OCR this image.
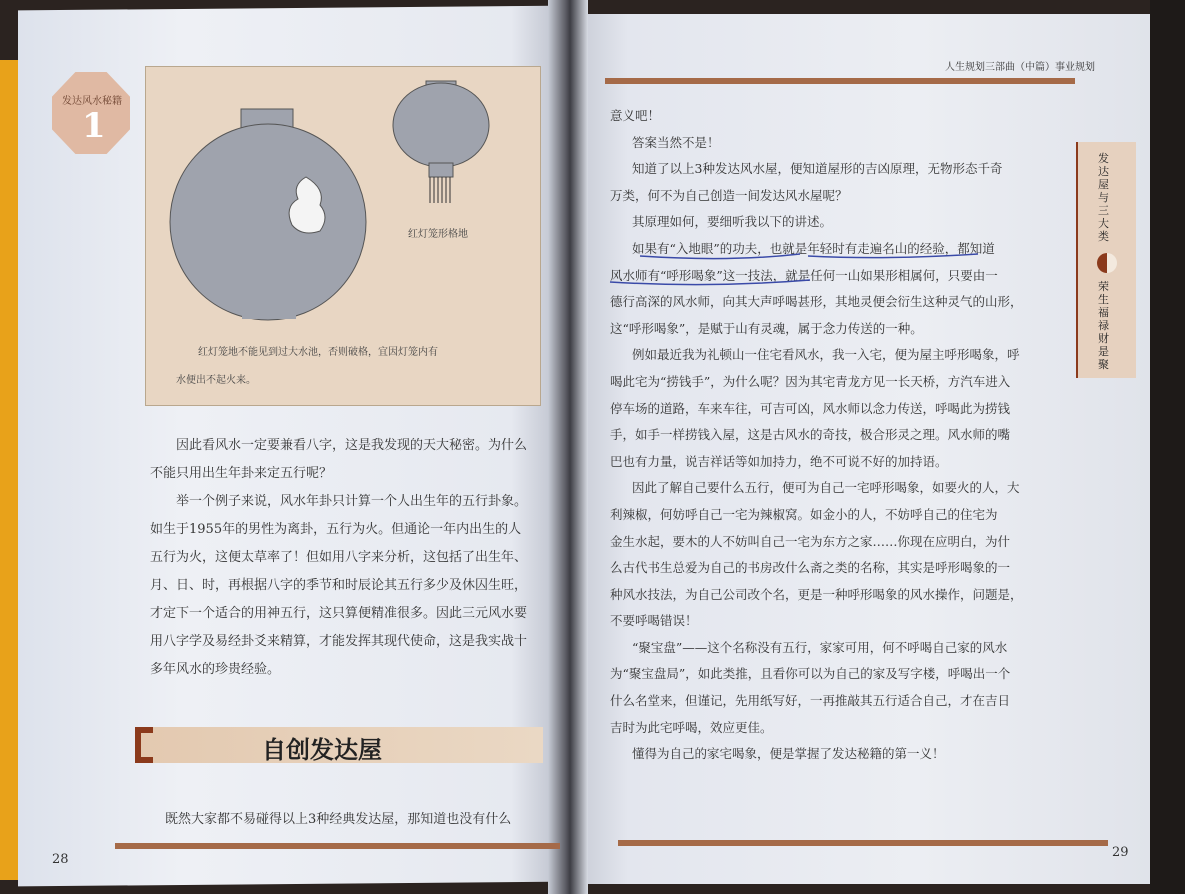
发达风水秘籍
1
红灯笼形格地
红灯笼地不能见到过大水池，否则破格，宜因灯笼内有
水便出不起火来。

因此看风水一定要兼看八字，这是我发现的天大秘密。为什么

不能只用出生年卦来定五行呢？

举一个例子来说，风水年卦只计算一个人出生年的五行卦象。

如生于1955年的男性为离卦，五行为火。但通论一年内出生的人

五行为火，这便太草率了！但如用八字来分析，这包括了出生年、

月、日、时，再根据八字的季节和时辰论其五行多少及休囚生旺，

才定下一个适合的用神五行，这只算便精准很多。因此三元风水要

用八字学及易经卦爻来精算，才能发挥其现代使命，这是我实战十

多年风水的珍贵经验。

自创发达屋
既然大家都不易碰得以上3种经典发达屋，那知道也没有什么
28
人生规划三部曲（中篇）事业规划
发达屋与三大类
荣生福禄财是聚

意义吧！

答案当然不是！

知道了以上3种发达风水屋，便知道屋形的吉凶原理，无物形态千奇

万类，何不为自己创造一间发达风水屋呢？

其原理如何，要细听我以下的讲述。

如果有“入地眼”的功夫，也就是年轻时有走遍名山的经验，都知道

风水师有“呼形喝象”这一技法，就是任何一山如果形相属何，只要由一

德行高深的风水师，向其大声呼喝甚形，其地灵便会衍生这种灵气的山形，

这“呼形喝象”，是赋于山有灵魂，属于念力传送的一种。

例如最近我为礼顿山一住宅看风水，我一入宅，便为屋主呼形喝象，呼

喝此宅为“捞钱手”，为什么呢？因为其宅青龙方见一长天桥，方汽车进入

停车场的道路，车来车往，可吉可凶，风水师以念力传送，呼喝此为捞钱

手，如手一样捞钱入屋，这是古风水的奇技，极合形灵之理。风水师的嘴

巴也有力量，说吉祥话等如加持力，绝不可说不好的加持语。

因此了解自己要什么五行，便可为自己一宅呼形喝象，如要火的人，大

利辣椒，何妨呼自己一宅为辣椒窝。如金小的人，不妨呼自己的住宅为

金生水起，要木的人不妨叫自己一宅为东方之家……你现在应明白，为什

么古代书生总爱为自己的书房改什么斋之类的名称，其实是呼形喝象的一

种风水技法，为自己公司改个名，更是一种呼形喝象的风水操作，问题是，

不要呼喝错误！

“聚宝盘”——这个名称没有五行，家家可用，何不呼喝自己家的风水

为“聚宝盘局”，如此类推，且看你可以为自己的家及写字楼，呼喝出一个

什么名堂来，但谨记，先用纸写好，一再推敲其五行适合自己，才在吉日

吉时为此宅呼喝，效应更佳。

懂得为自己的家宅喝象，便是掌握了发达秘籍的第一义！

29
